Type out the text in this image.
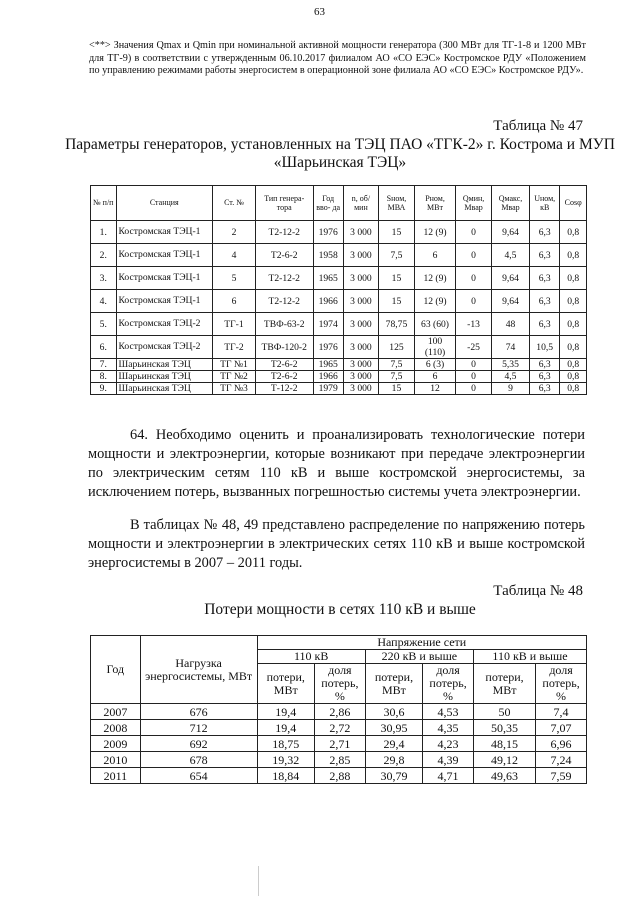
63
<**> Значения Qmax и Qmin при номинальной активной мощности генератора (300 МВт для ТГ-1-8 и 1200 МВт для ТГ-9) в соответствии с утвержденным 06.10.2017 филиалом АО «СО ЕЭС» Костромское РДУ «Положением по управлению режимами работы энергосистем в операционной зоне филиала АО «СО ЕЭС» Костромское РДУ».
Таблица № 47
Параметры генераторов, установленных на ТЭЦ ПАО «ТГК-2» г. Кострома и МУП «Шарьинская ТЭЦ»
№ п/п	Станция	Ст. №	Тип генера- тора	Год вво- да	n, об/мин	Sном, МВА	Рном, МВт	Qмин, Мвар	Qмакс, Мвар	Uном, кВ	Cosφ
1.	Костромская ТЭЦ-1	2	Т2-12-2	1976	3 000	15	12 (9)	0	9,64	6,3	0,8
2.	Костромская ТЭЦ-1	4	Т2-6-2	1958	3 000	7,5	6	0	4,5	6,3	0,8
3.	Костромская ТЭЦ-1	5	Т2-12-2	1965	3 000	15	12 (9)	0	9,64	6,3	0,8
4.	Костромская ТЭЦ-1	6	Т2-12-2	1966	3 000	15	12 (9)	0	9,64	6,3	0,8
5.	Костромская ТЭЦ-2	ТГ-1	ТВФ-63-2	1974	3 000	78,75	63 (60)	-13	48	6,3	0,8
6.	Костромская ТЭЦ-2	ТГ-2	ТВФ-120-2	1976	3 000	125	100 (110)	-25	74	10,5	0,8
7.	Шарьинская ТЭЦ	ТГ №1	Т2-6-2	1965	3 000	7,5	6 (3)	0	5,35	6,3	0,8
8.	Шарьинская ТЭЦ	ТГ №2	Т2-6-2	1966	3 000	7,5	6	0	4,5	6,3	0,8
9.	Шарьинская ТЭЦ	ТГ №3	Т-12-2	1979	3 000	15	12	0	9	6,3	0,8
64. Необходимо оценить и проанализировать технологические потери мощности и электроэнергии, которые возникают при передаче электроэнергии по электрическим сетям 110 кВ и выше костромской энергосистемы, за исключением потерь, вызванных погрешностью системы учета электроэнергии.
В таблицах № 48, 49 представлено распределение по напряжению потерь мощности и электроэнергии в электрических сетях 110 кВ и выше костромской энергосистемы в 2007 – 2011 годы.
Таблица № 48
Потери мощности в сетях 110 кВ и выше
Год	Нагрузка энергосистемы, МВт	Напряжение сети					
		110 кВ		220 кВ и выше		110 кВ и выше	
		потери, МВт	доля потерь, %	потери, МВт	доля потерь, %	потери, МВт	доля потерь, %
2007	676	19,4	2,86	30,6	4,53	50	7,4
2008	712	19,4	2,72	30,95	4,35	50,35	7,07
2009	692	18,75	2,71	29,4	4,23	48,15	6,96
2010	678	19,32	2,85	29,8	4,39	49,12	7,24
2011	654	18,84	2,88	30,79	4,71	49,63	7,59
